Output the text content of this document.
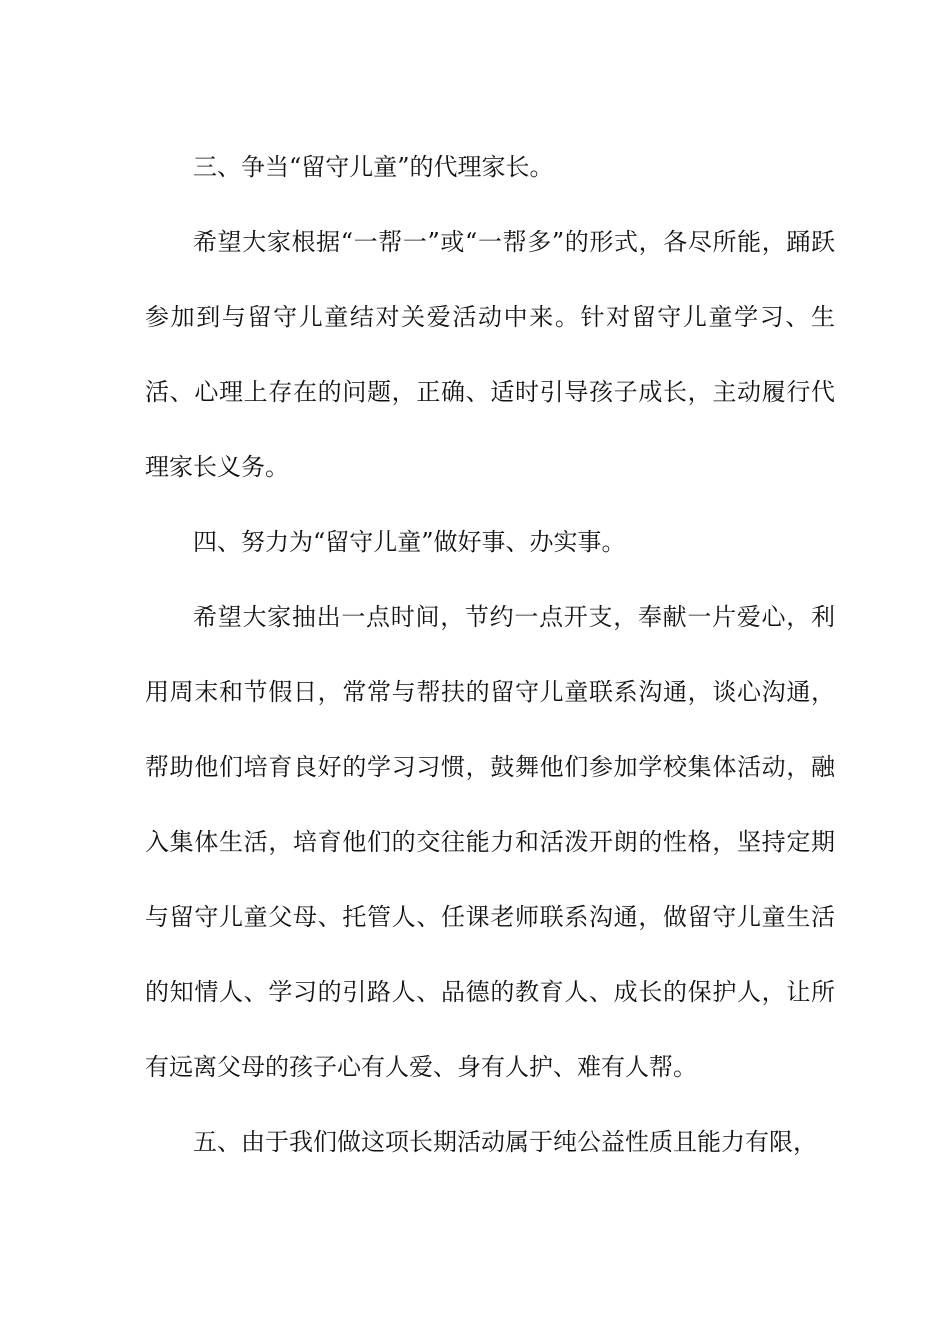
三、争当“留守儿童”的代理家长。

希望大家根据“一帮一”或“一帮多”的形式，各尽所能，踊跃参加到与留守儿童结对关爱活动中来。针对留守儿童学习、生活、心理上存在的问题，正确、适时引导孩子成长，主动履行代理家长义务。

四、努力为“留守儿童”做好事、办实事。

希望大家抽出一点时间，节约一点开支，奉献一片爱心，利用周末和节假日，常常与帮扶的留守儿童联系沟通，谈心沟通，帮助他们培育良好的学习习惯，鼓舞他们参加学校集体活动，融入集体生活，培育他们的交往能力和活泼开朗的性格，坚持定期与留守儿童父母、托管人、任课老师联系沟通，做留守儿童生活的知情人、学习的引路人、品德的教育人、成长的保护人，让所有远离父母的孩子心有人爱、身有人护、难有人帮。

五、由于我们做这项长期活动属于纯公益性质且能力有限，
